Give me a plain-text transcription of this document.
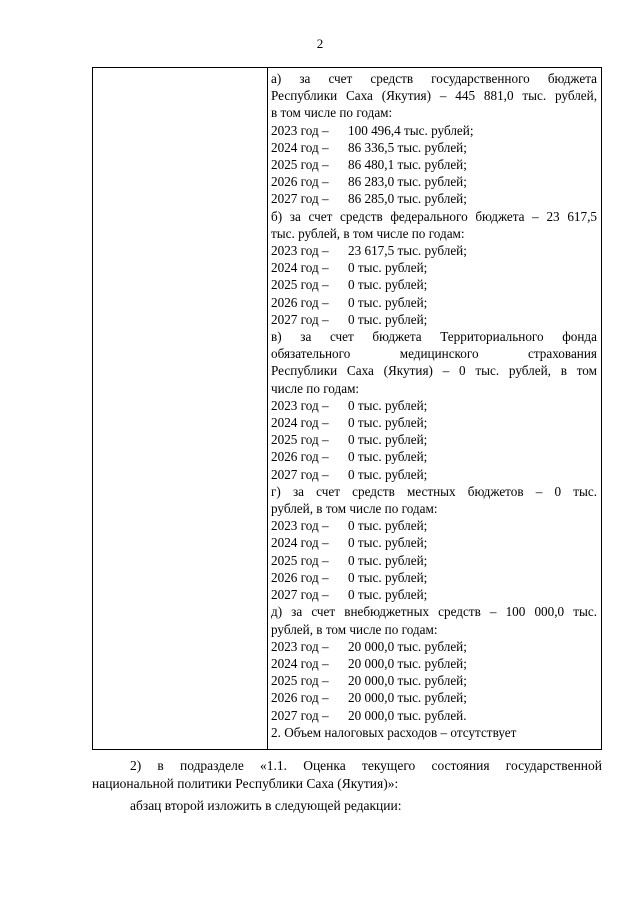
2

а) за счет средств государственного бюджета
Республики Саха (Якутия) – 445 881,0 тыс. рублей,
в том числе по годам:
2023 год –	100 496,4 тыс. рублей;
2024 год –	86 336,5 тыс. рублей;
2025 год –	86 480,1 тыс. рублей;
2026 год –	86 283,0 тыс. рублей;
2027 год –	86 285,0 тыс. рублей;
б) за счет средств федерального бюджета – 23 617,5
тыс. рублей, в том числе по годам:
2023 год –	23 617,5 тыс. рублей;
2024 год –	0 тыс. рублей;
2025 год –	0 тыс. рублей;
2026 год –	0 тыс. рублей;
2027 год –	0 тыс. рублей;
в) за счет бюджета Территориального фонда
обязательного медицинского страхования
Республики Саха (Якутия) – 0 тыс. рублей, в том
числе по годам:
2023 год –	0 тыс. рублей;
2024 год –	0 тыс. рублей;
2025 год –	0 тыс. рублей;
2026 год –	0 тыс. рублей;
2027 год –	0 тыс. рублей;
г) за счет средств местных бюджетов – 0 тыс.
рублей, в том числе по годам:
2023 год –	0 тыс. рублей;
2024 год –	0 тыс. рублей;
2025 год –	0 тыс. рублей;
2026 год –	0 тыс. рублей;
2027 год –	0 тыс. рублей;
д) за счет внебюджетных средств – 100 000,0 тыс.
рублей, в том числе по годам:
2023 год –	20 000,0 тыс. рублей;
2024 год –	20 000,0 тыс. рублей;
2025 год –	20 000,0 тыс. рублей;
2026 год –	20 000,0 тыс. рублей;
2027 год –	20 000,0 тыс. рублей.
2. Объем налоговых расходов – отсутствует
2) в подразделе «1.1. Оценка текущего состояния государственной
национальной политики Республики Саха (Якутия)»:
абзац второй изложить в следующей редакции:
